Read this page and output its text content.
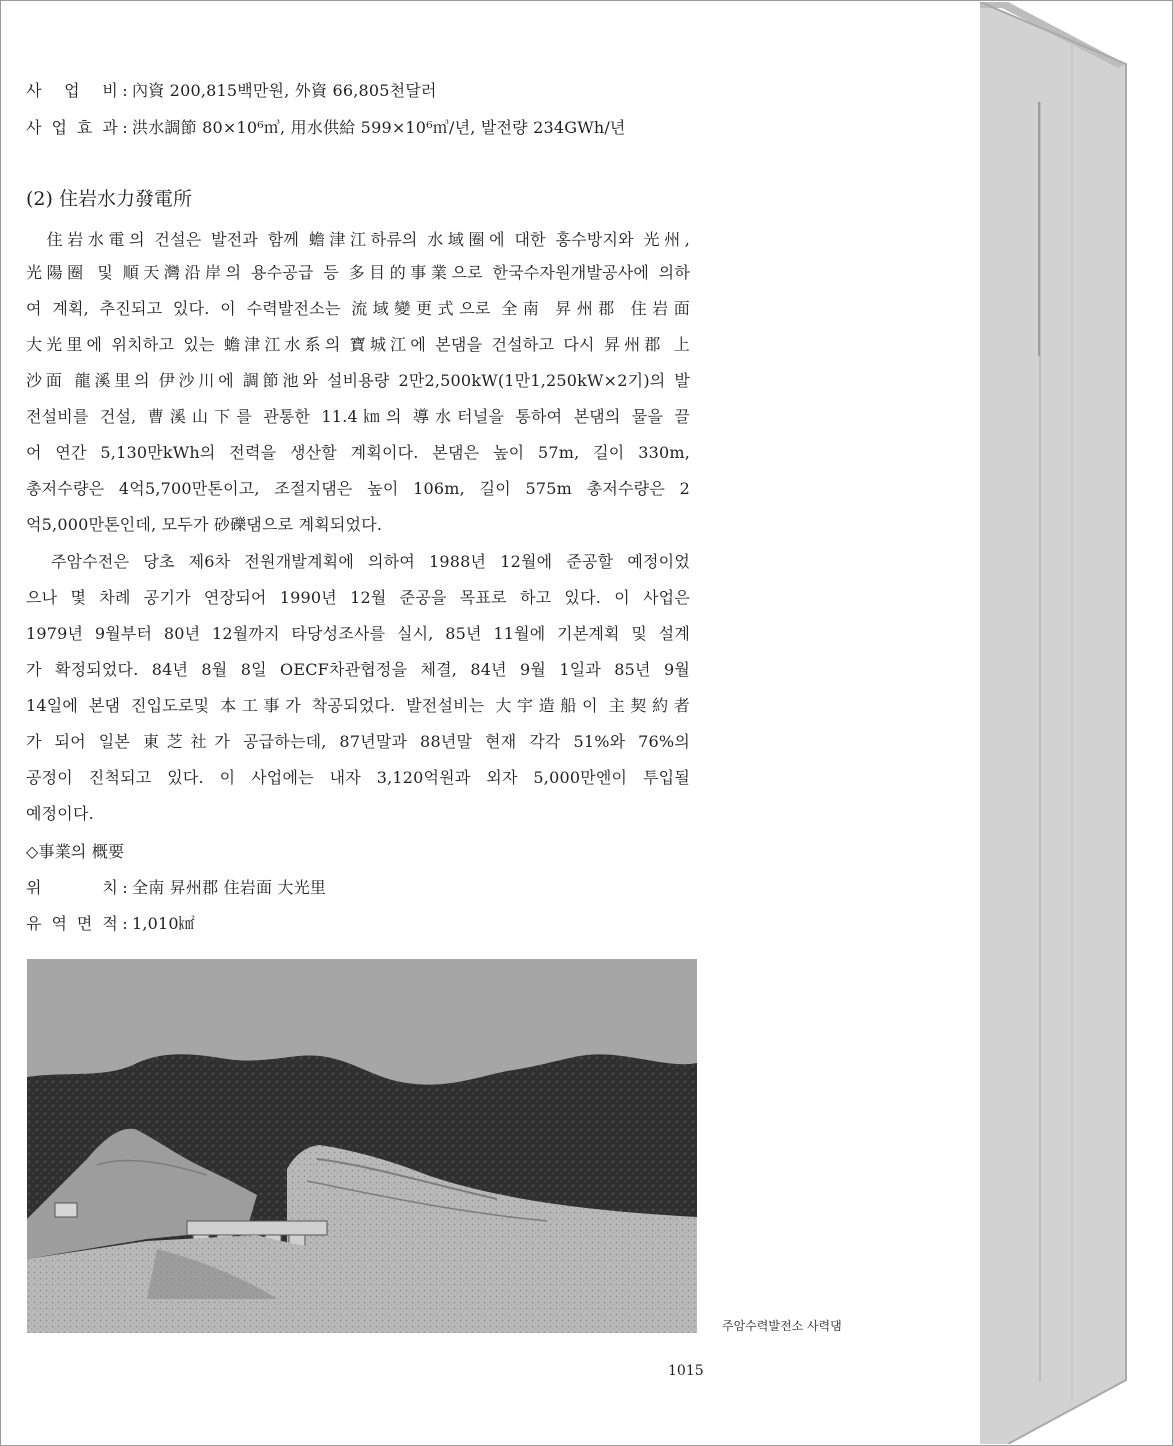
사 업 비 : 內資 200,815백만원, 外資 66,805천달러
사 업 효 과 : 洪水調節 80×10⁶㎥, 用水供給 599×10⁶㎥/년, 발전량 234GWh/년
(2) 住岩水力發電所
　住岩水電의 건설은 발전과 함께 蟾津江하류의 水域圈에 대한 홍수방지와 光州,
光陽圈 및 順天灣沿岸의 용수공급 등 多目的事業으로 한국수자원개발공사에 의하
여 계획, 추진되고 있다. 이 수력발전소는 流域變更式으로 全南 昇州郡 住岩面
大光里에 위치하고 있는 蟾津江水系의 寶城江에 본댐을 건설하고 다시 昇州郡 上
沙面 龍溪里의 伊沙川에 調節池와 설비용량 2만2,500kW(1만1,250kW×2기)의 발
전설비를 건설, 曹溪山下를 관통한 11.4㎞의 導水터널을 통하여 본댐의 물을 끌
어 연간 5,130만kWh의 전력을 생산할 계획이다. 본댐은 높이 57m, 길이 330m,
총저수량은 4억5,700만톤이고, 조절지댐은 높이 106m, 길이 575m 총저수량은 2
억5,000만톤인데, 모두가 砂礫댐으로 계획되었다.
　주암수전은 당초 제6차 전원개발계획에 의하여 1988년 12월에 준공할 예정이었
으나 몇 차례 공기가 연장되어 1990년 12월 준공을 목표로 하고 있다. 이 사업은
1979년 9월부터 80년 12월까지 타당성조사를 실시, 85년 11월에 기본계획 및 설계
가 확정되었다. 84년 8월 8일 OECF차관협정을 체결, 84년 9월 1일과 85년 9월
14일에 본댐 진입도로및 本工事가 착공되었다. 발전설비는 大宇造船이 主契約者
가 되어 일본 東芝社가 공급하는데, 87년말과 88년말 현재 각각 51%와 76%의
공정이 진척되고 있다. 이 사업에는 내자 3,120억원과 외자 5,000만엔이 투입될
예정이다.
◇事業의 概要
위 치 : 全南 昇州郡 住岩面 大光里
유 역 면 적 : 1,010㎢
주암수력발전소 사력댐
1015
